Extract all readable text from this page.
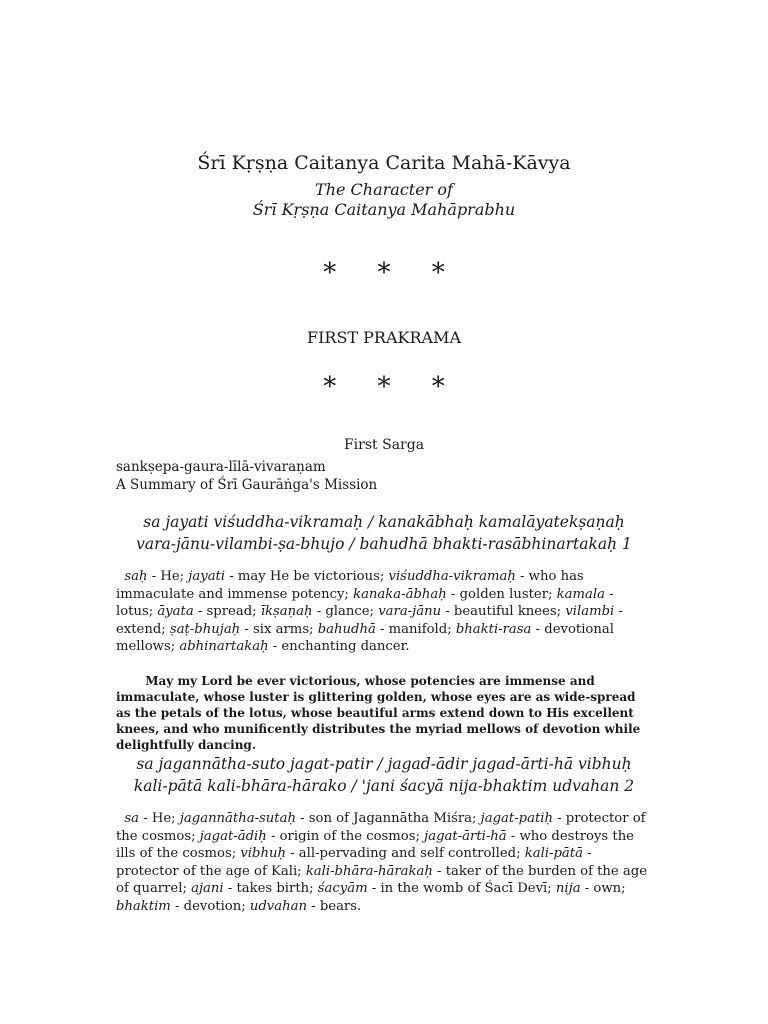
Śrī Kṛṣṇa Caitanya Carita Mahā-Kāvya
The Character of
Śrī Kṛṣṇa Caitanya Mahāprabhu
* * *
FIRST PRAKRAMA
* * *
First Sarga
sankṣepa-gaura-līlā-vivaraṇam
A Summary of Śrī Gaurāṅga's Mission
sa jayati viśuddha-vikramaḥ / kanakābhaḥ kamalāyatekṣaṇaḥ
vara-jānu-vilambi-ṣa-bhujo / bahudhā bhakti-rasābhinartakaḥ 1
saḥ - He; jayati - may He be victorious; viśuddha-vikramaḥ - who has immaculate and immense potency; kanaka-ābhaḥ - golden luster; kamala - lotus; āyata - spread; īkṣaṇaḥ - glance; vara-jānu - beautiful knees; vilambi - extend; ṣaṭ-bhujaḥ - six arms; bahudhā - manifold; bhakti-rasa - devotional mellows; abhinartakaḥ - enchanting dancer.
May my Lord be ever victorious, whose potencies are immense and immaculate, whose luster is glittering golden, whose eyes are as wide-spread as the petals of the lotus, whose beautiful arms extend down to His excellent knees, and who munificently distributes the myriad mellows of devotion while delightfully dancing.
sa jagannātha-suto jagat-patir / jagad-ādir jagad-ārti-hā vibhuḥ
kali-pātā kali-bhāra-hārako / 'jani śacyā nija-bhaktim udvahan 2
sa - He; jagannātha-sutaḥ - son of Jagannātha Miśra; jagat-patiḥ - protector of the cosmos; jagat-ādiḥ - origin of the cosmos; jagat-ārti-hā - who destroys the ills of the cosmos; vibhuḥ - all-pervading and self controlled; kali-pātā - protector of the age of Kali; kali-bhāra-hārakaḥ - taker of the burden of the age of quarrel; ajani - takes birth; śacyām - in the womb of Śacī Devī; nija - own; bhaktim - devotion; udvahan - bears.
